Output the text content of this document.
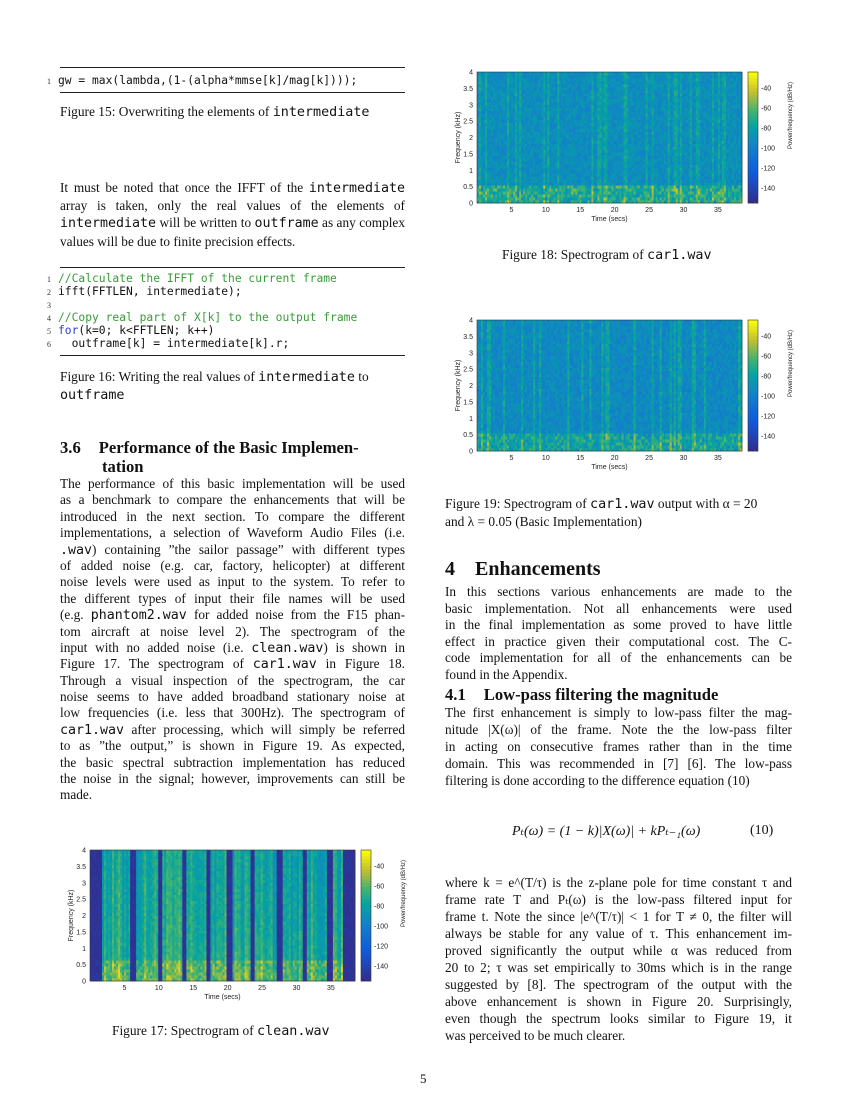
1 gw = max(lambda,(1-(alpha*mmse[k]/mag[k])));
Figure 15: Overwriting the elements of intermediate
It must be noted that once the IFFT of the intermediate array is taken, only the real values of the elements of intermediate will be written to outframe as any complex values will be due to finite precision effects.
1 //Calculate the IFFT of the current frame
2 ifft(FFTLEN, intermediate);
3
4 //Copy real part of X[k] to the output frame
5 for(k=0; k<FFTLEN; k++)
6 outframe[k] = intermediate[k].r;
Figure 16: Writing the real values of intermediate to
outframe
3.6 Performance of the Basic Implemen-
tation
The performance of this basic implementation will be used
as a benchmark to compare the enhancements that will be
introduced in the next section. To compare the different
implementations, a selection of Waveform Audio Files (i.e.
.wav) containing ”the sailor passage” with different types
of added noise (e.g. car, factory, helicopter) at different
noise levels were used as input to the system. To refer to
the different types of input their file names will be used
(e.g. phantom2.wav for added noise from the F15 phan-
tom aircraft at noise level 2). The spectrogram of the
input with no added noise (i.e. clean.wav) is shown in
Figure 17. The spectrogram of car1.wav in Figure 18.
Through a visual inspection of the spectrogram, the car
noise seems to have added broadband stationary noise at
low frequencies (i.e. less that 300Hz). The spectrogram of
car1.wav after processing, which will simply be referred
to as ”the output,” is shown in Figure 19. As expected,
the basic spectral subtraction implementation has reduced
the noise in the signal; however, improvements can still be
made.
0
0.5
1
1.5
2
2.5
3
3.5
4
5	10	15	20	25	30	35
Time (secs)
Frequency (kHz)
-40
-60
-80
-100
-120
-140
Power/frequency (dB/Hz)
Figure 17: Spectrogram of clean.wav
0
0.5
1
1.5
2
2.5
3
3.5
4
5	10	15	20	25	30	35
Time (secs)
Frequency (kHz)
-40
-60
-80
-100
-120
-140
Power/frequency (dB/Hz)
Figure 18: Spectrogram of car1.wav
0
0.5
1
1.5
2
2.5
3
3.5
4
5	10	15	20	25	30	35
Time (secs)
Frequency (kHz)
-40
-60
-80
-100
-120
-140
Power/frequency (dB/Hz)
Figure 19: Spectrogram of car1.wav output with α = 20
and λ = 0.05 (Basic Implementation)
4 Enhancements
In this sections various enhancements are made to the
basic implementation. Not all enhancements were used
in the final implementation as some proved to have little
effect in practice given their computational cost. The C-
code implementation for all of the enhancements can be
found in the Appendix.
4.1 Low-pass filtering the magnitude
The first enhancement is simply to low-pass filter the mag-
nitude |X(ω)| of the frame. Note the the low-pass filter
in acting on consecutive frames rather than in the time
domain. This was recommended in [7] [6]. The low-pass
filtering is done according to the difference equation (10)
Pₜ(ω) = (1 − k)|X(ω)| + kPₜ₋₁(ω)	(10)
where k = e^(T/τ) is the z-plane pole for time constant τ and
frame rate T and Pₜ(ω) is the low-pass filtered input for
frame t. Note the since |e^(T/τ)| < 1 for T ≠ 0, the filter will
always be stable for any value of τ. This enhancement im-
proved significantly the output while α was reduced from
20 to 2; τ was set empirically to 30ms which is in the range
suggested by [8]. The spectrogram of the output with the
above enhancement is shown in Figure 20. Surprisingly,
even though the spectrum looks similar to Figure 19, it
was perceived to be much clearer.
5
